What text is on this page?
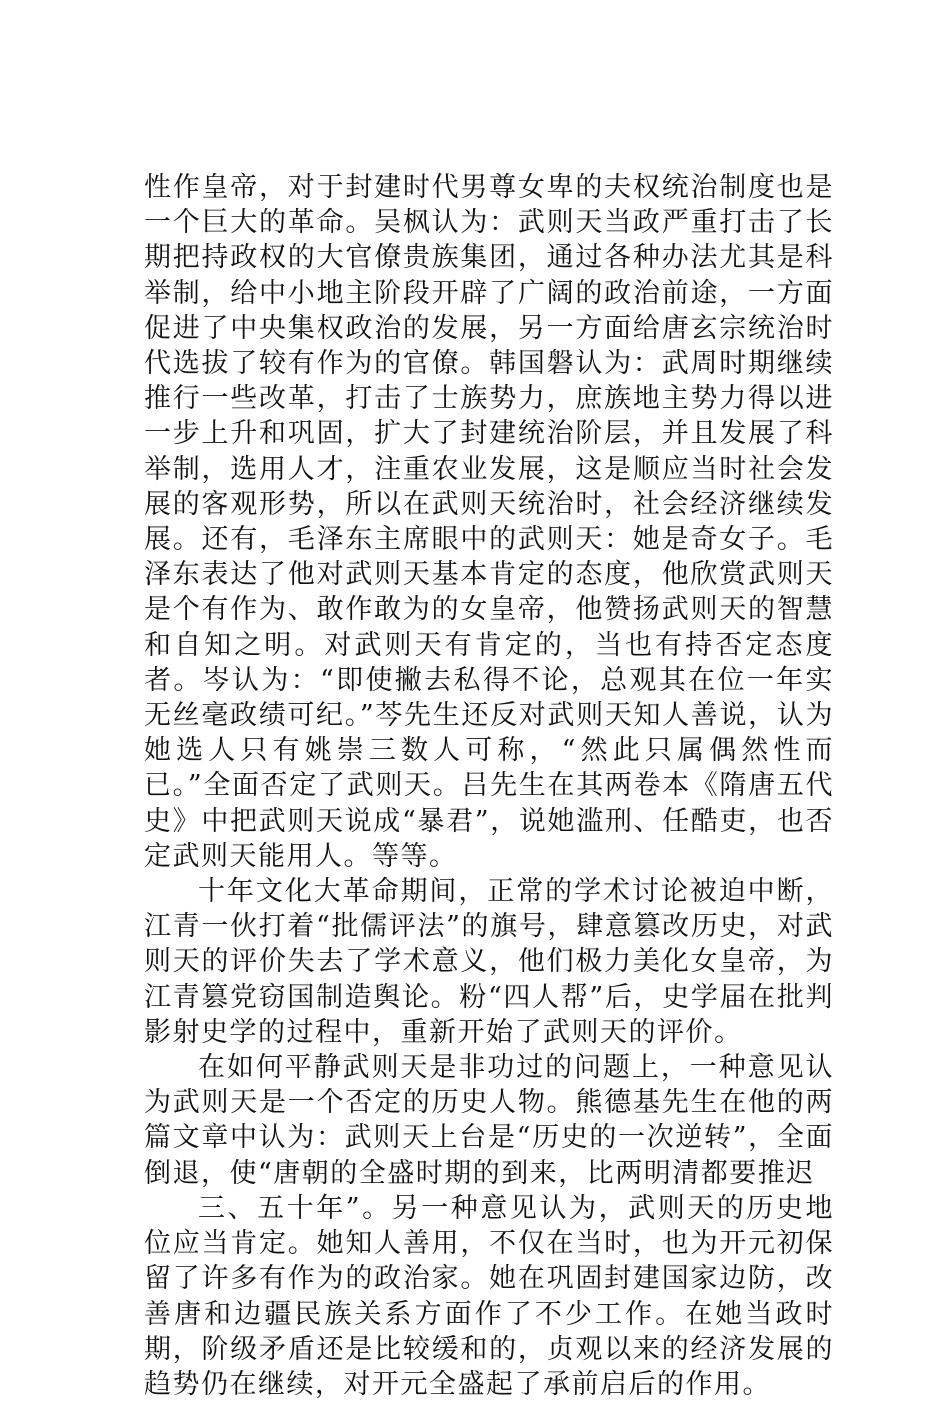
性作皇帝，对于封建时代男尊女卑的夫权统治制度也是一个巨大的革命。吴枫认为：武则天当政严重打击了长期把持政权的大官僚贵族集团，通过各种办法尤其是科举制，给中小地主阶段开辟了广阔的政治前途，一方面促进了中央集权政治的发展，另一方面给唐玄宗统治时代选拔了较有作为的官僚。韩国磐认为：武周时期继续推行一些改革，打击了士族势力，庶族地主势力得以进一步上升和巩固，扩大了封建统治阶层，并且发展了科举制，选用人才，注重农业发展，这是顺应当时社会发展的客观形势，所以在武则天统治时，社会经济继续发展。还有，毛泽东主席眼中的武则天：她是奇女子。毛泽东表达了他对武则天基本肯定的态度，他欣赏武则天是个有作为、敢作敢为的女皇帝，他赞扬武则天的智慧和自知之明。对武则天有肯定的，当也有持否定态度者。岑认为：“即使撇去私得不论，总观其在位一年实无丝毫政绩可纪。”芩先生还反对武则天知人善说，认为她选人只有姚崇三数人可称，“然此只属偶然性而已。”全面否定了武则天。吕先生在其两卷本《隋唐五代史》中把武则天说成“暴君”，说她滥刑、任酷吏，也否定武则天能用人。等等。

十年文化大革命期间，正常的学术讨论被迫中断，江青一伙打着“批儒评法”的旗号，肆意篡改历史，对武则天的评价失去了学术意义，他们极力美化女皇帝，为江青篡党窃国制造舆论。粉“四人帮”后，史学届在批判影射史学的过程中，重新开始了武则天的评价。

在如何平静武则天是非功过的问题上，一种意见认为武则天是一个否定的历史人物。熊德基先生在他的两篇文章中认为：武则天上台是“历史的一次逆转”，全面倒退，使“唐朝的全盛时期的到来，比两明清都要推迟

三、五十年”。另一种意见认为，武则天的历史地位应当肯定。她知人善用，不仅在当时，也为开元初保留了许多有作为的政治家。她在巩固封建国家边防，改善唐和边疆民族关系方面作了不少工作。在她当政时期，阶级矛盾还是比较缓和的，贞观以来的经济发展的趋势仍在继续，对开元全盛起了承前启后的作用。
